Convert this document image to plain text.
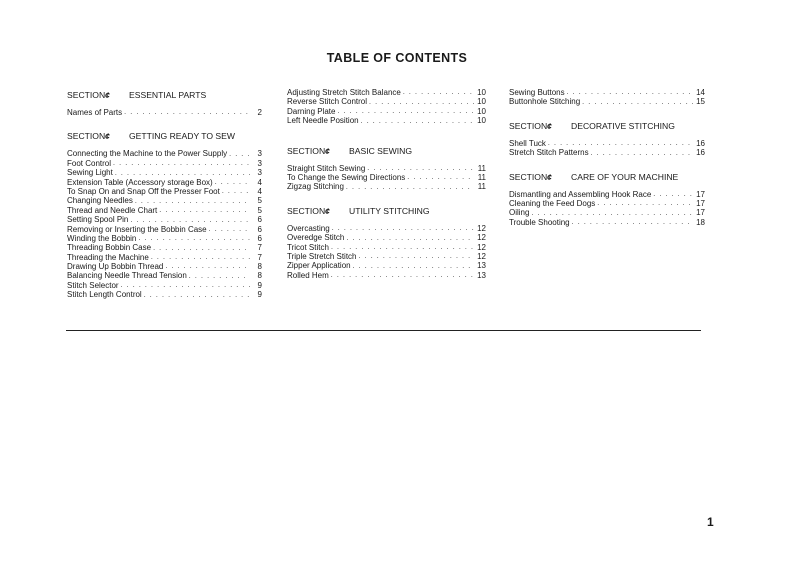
TABLE OF CONTENTS
SECTION¢ ESSENTIAL PARTS
Names of Parts . . .	2
SECTION¢ GETTING READY TO SEW
Connecting the Machine to the Power Supply . . .	3
Foot Control . . .	3
Sewing Light . . .	3
Extension Table (Accessory storage Box) . . .	4
To Snap On and Snap Off the Presser Foot . . .	4
Changing Needles . . .	5
Thread and Needle Chart . . .	5
Setting Spool Pin . . .	6
Removing or Inserting the Bobbin Case . . .	6
Winding the Bobbin . . .	6
Threading Bobbin Case . . .	7
Threading the Machine . . .	7
Drawing Up Bobbin Thread . . .	8
Balancing Needle Thread Tension . . .	8
Stitch Selector . . .	9
Stitch Length Control . . .	9
Adjusting Stretch Stitch Balance . . .	10
Reverse Stitch Control . . .	10
Darning Plate . . .	10
Left Needle Position . . .	10
SECTION¢ BASIC SEWING
Straight Stitch Sewing . . .	11
To Change the Sewing Directions . . .	11
Zigzag Stitching . . .	11
SECTION¢ UTILITY STITCHING
Overcasting . . .	12
Overedge Stitch . . .	12
Tricot Stitch . . .	12
Triple Stretch Stitch . . .	12
Zipper Application . . .	13
Rolled Hem . . .	13
Sewing Buttons . . .	14
Buttonhole Stitching . . .	15
SECTION¢ DECORATIVE STITCHING
Shell Tuck . . .	16
Stretch Stitch Patterns . . .	16
SECTION¢ CARE OF YOUR MACHINE
Dismantling and Assembling Hook Race . . .	17
Cleaning the Feed Dogs . . .	17
Oiling . . .	17
Trouble Shooting . . .	18
1
